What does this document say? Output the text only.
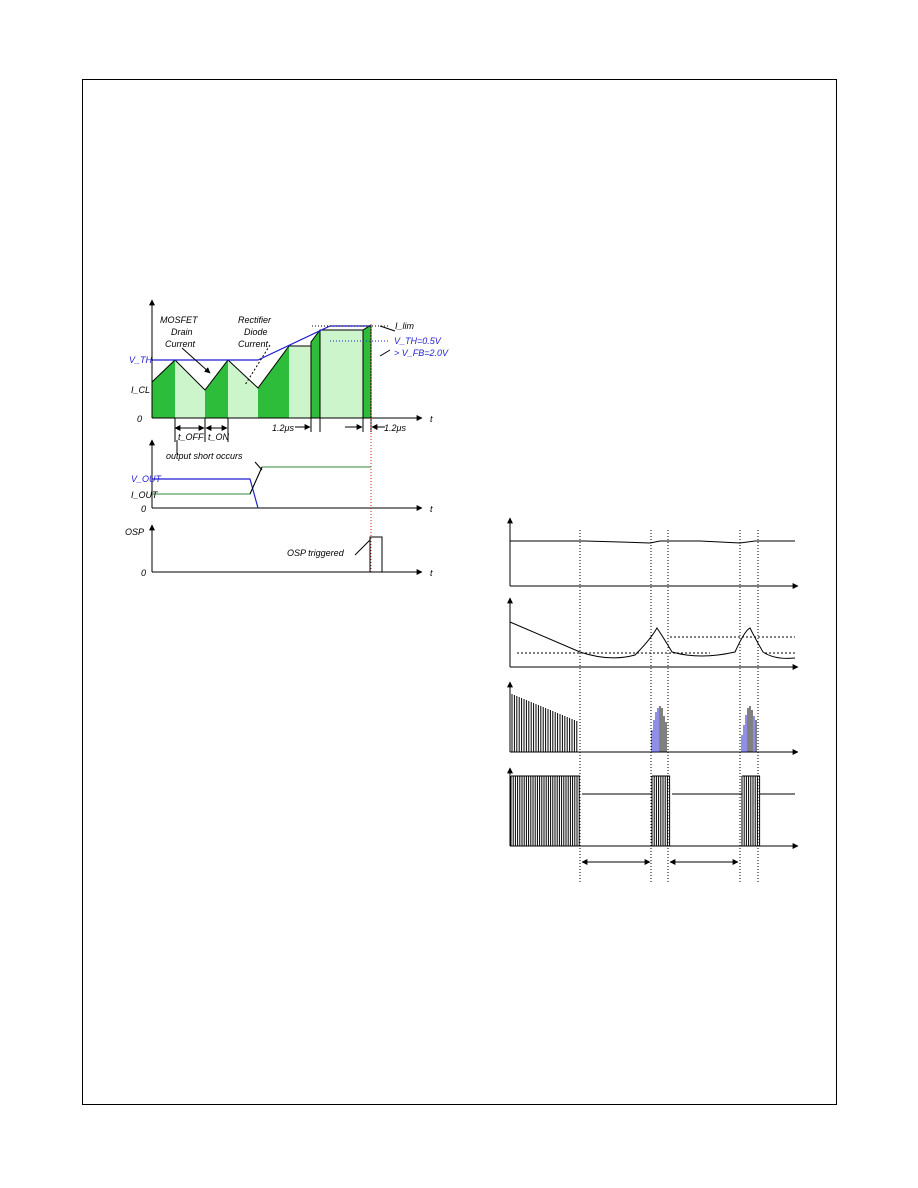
MOSFET
Drain
Current
Rectifier
Diode
Current
I_lim
V_TH=0.5V
> V_FB=2.0V
V_TH
I_CL
0	t
t_OFF t_ON
1.2μs	1.2μs
output short occurs
V_OUT
I_OUT
0	t
OSP triggered
OSP
0	t
